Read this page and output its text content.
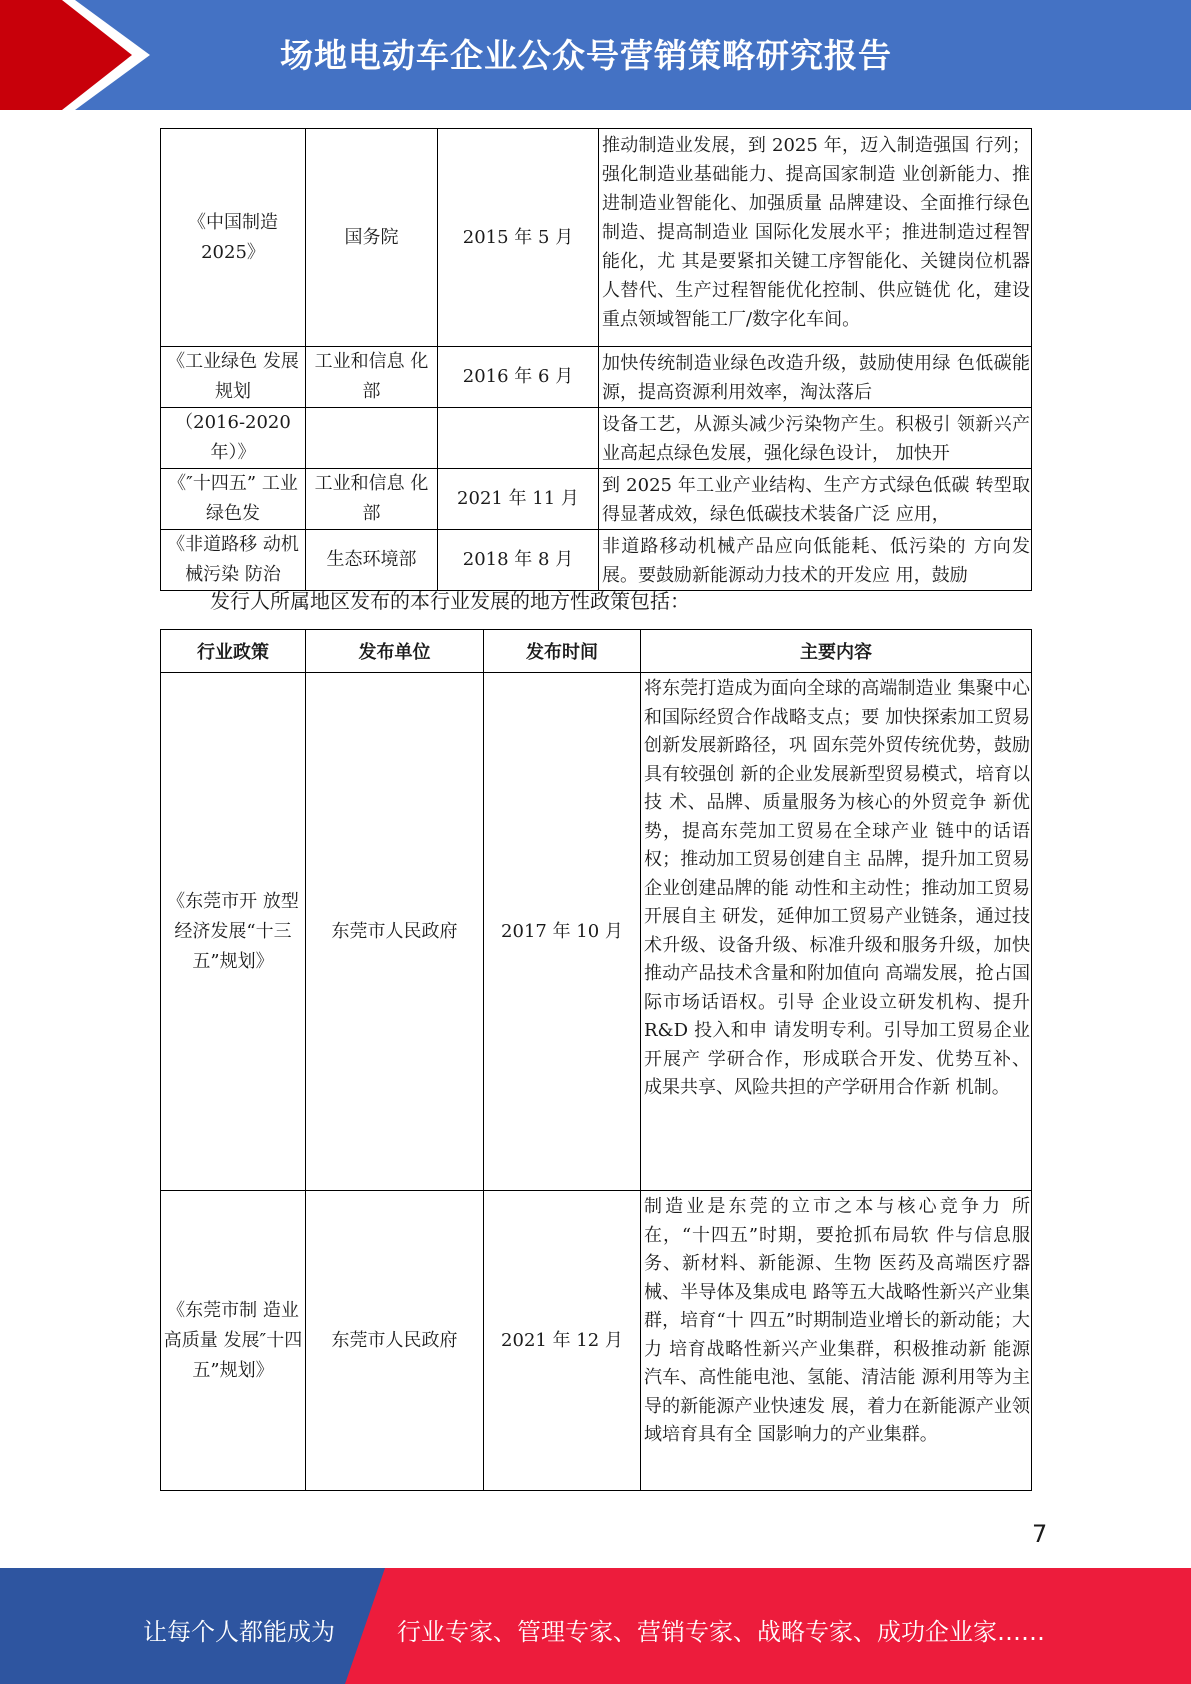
场地电动车企业公众号营销策略研究报告
《中国制造2025》	国务院	2015 年 5 月	推动制造业发展，到 2025 年，迈入制造强国 行列；强化制造业基础能力、提高国家制造 业创新能力、推进制造业智能化、加强质量 品牌建设、全面推行绿色制造、提高制造业 国际化发展水平；推进制造过程智能化，尤 其是要紧扣关键工序智能化、关键岗位机器 人替代、生产过程智能优化控制、供应链优 化，建设重点领域智能工厂/数字化车间。
《工业绿色 发展规划	工业和信息 化部	2016 年 6 月	加快传统制造业绿色改造升级，鼓励使用绿 色低碳能源，提高资源利用效率，淘汰落后
（2016-2020 年）》			设备工艺，从源头减少污染物产生。积极引 领新兴产业高起点绿色发展，强化绿色设计， 加快开
《″十四五” 工业绿色发	工业和信息 化部	2021 年 11 月	到 2025 年工业产业结构、生产方式绿色低碳 转型取得显著成效，绿色低碳技术装备广泛 应用，
《非道路移 动机械污染 防治	生态环境部	2018 年 8 月	非道路移动机械产品应向低能耗、低污染的 方向发展。要鼓励新能源动力技术的开发应 用，鼓励
发行人所属地区发布的本行业发展的地方性政策包括：
行业政策	发布单位	发布时间	主要内容
《东莞市开 放型经济发展“十三 五”规划》	东莞市人民政府	2017 年 10 月	将东莞打造成为面向全球的高端制造业 集聚中心和国际经贸合作战略支点；要 加快探索加工贸易创新发展新路径，巩 固东莞外贸传统优势，鼓励具有较强创 新的企业发展新型贸易模式，培育以技 术、品牌、质量服务为核心的外贸竞争 新优势，提高东莞加工贸易在全球产业 链中的话语权；推动加工贸易创建自主 品牌，提升加工贸易企业创建品牌的能 动性和主动性；推动加工贸易开展自主 研发，延伸加工贸易产业链条，通过技 术升级、设备升级、标准升级和服务升级，加快推动产品技术含量和附加值向 高端发展，抢占国际市场话语权。引导 企业设立研发机构、提升 R&D 投入和申 请发明专利。引导加工贸易企业开展产 学研合作，形成联合开发、优势互补、 成果共享、风险共担的产学研用合作新 机制。
《东莞市制 造业高质量 发展″十四 五”规划》	东莞市人民政府	2021 年 12 月	制造业是东莞的立市之本与核心竞争力 所在，“十四五”时期，要抢抓布局软 件与信息服务、新材料、新能源、生物 医药及高端医疗器械、半导体及集成电 路等五大战略性新兴产业集群，培育“十 四五”时期制造业增长的新动能；大力 培育战略性新兴产业集群，积极推动新 能源汽车、高性能电池、氢能、清洁能 源利用等为主导的新能源产业快速发 展，着力在新能源产业领域培育具有全 国影响力的产业集群。
7
让每个人都能成为	行业专家、管理专家、营销专家、战略专家、成功企业家……
